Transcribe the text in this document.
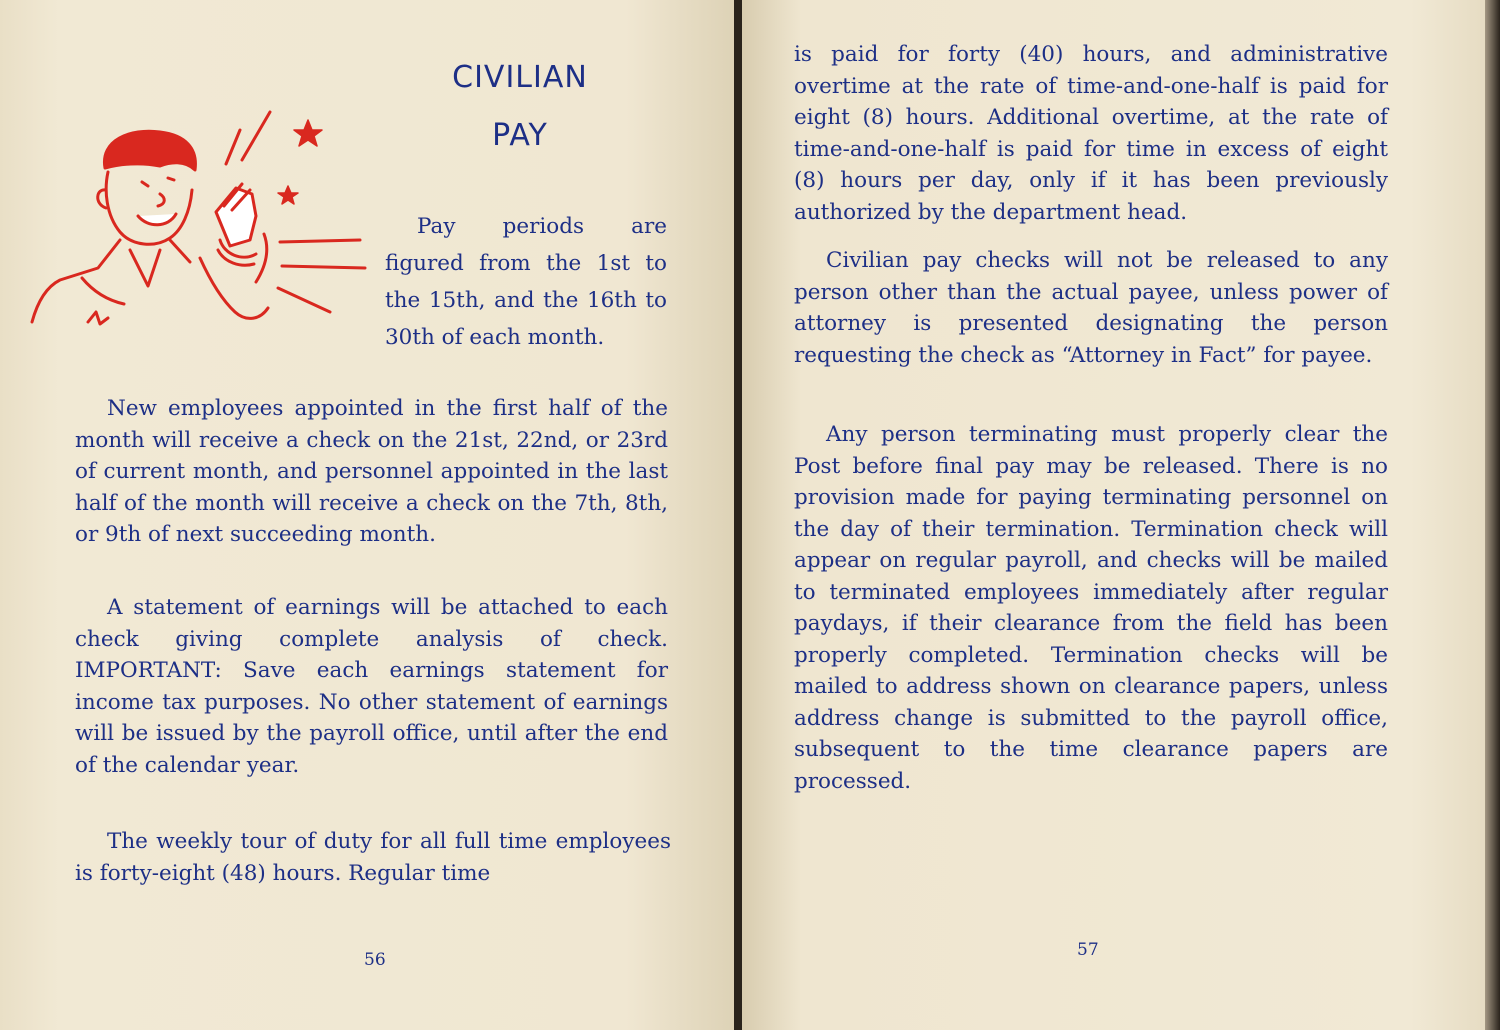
CIVILIAN
PAY

Pay periods are figured from the 1st to the 15th, and the 16th to 30th of each month.

New employees appointed in the first half of the month will receive a check on the 21st, 22nd, or 23rd of current month, and personnel appointed in the last half of the month will receive a check on the 7th, 8th, or 9th of next succeeding month.

A statement of earnings will be attached to each check giving complete analysis of check. IMPORTANT: Save each earnings statement for income tax purposes. No other statement of earnings will be issued by the payroll office, until after the end of the calendar year.

The weekly tour of duty for all full time employees is forty-eight (48) hours. Regular time

56

is paid for forty (40) hours, and administrative overtime at the rate of time-and-one-half is paid for eight (8) hours. Additional overtime, at the rate of time-and-one-half is paid for time in excess of eight (8) hours per day, only if it has been previously authorized by the department head.

Civilian pay checks will not be released to any person other than the actual payee, unless power of attorney is presented designating the person requesting the check as “Attorney in Fact” for payee.

Any person terminating must properly clear the Post before final pay may be released. There is no provision made for paying terminating personnel on the day of their termination. Termination check will appear on regular payroll, and checks will be mailed to terminated employees immediately after regular paydays, if their clearance from the field has been properly completed. Termination checks will be mailed to address shown on clearance papers, unless address change is submitted to the payroll office, subsequent to the time clearance papers are processed.

57
